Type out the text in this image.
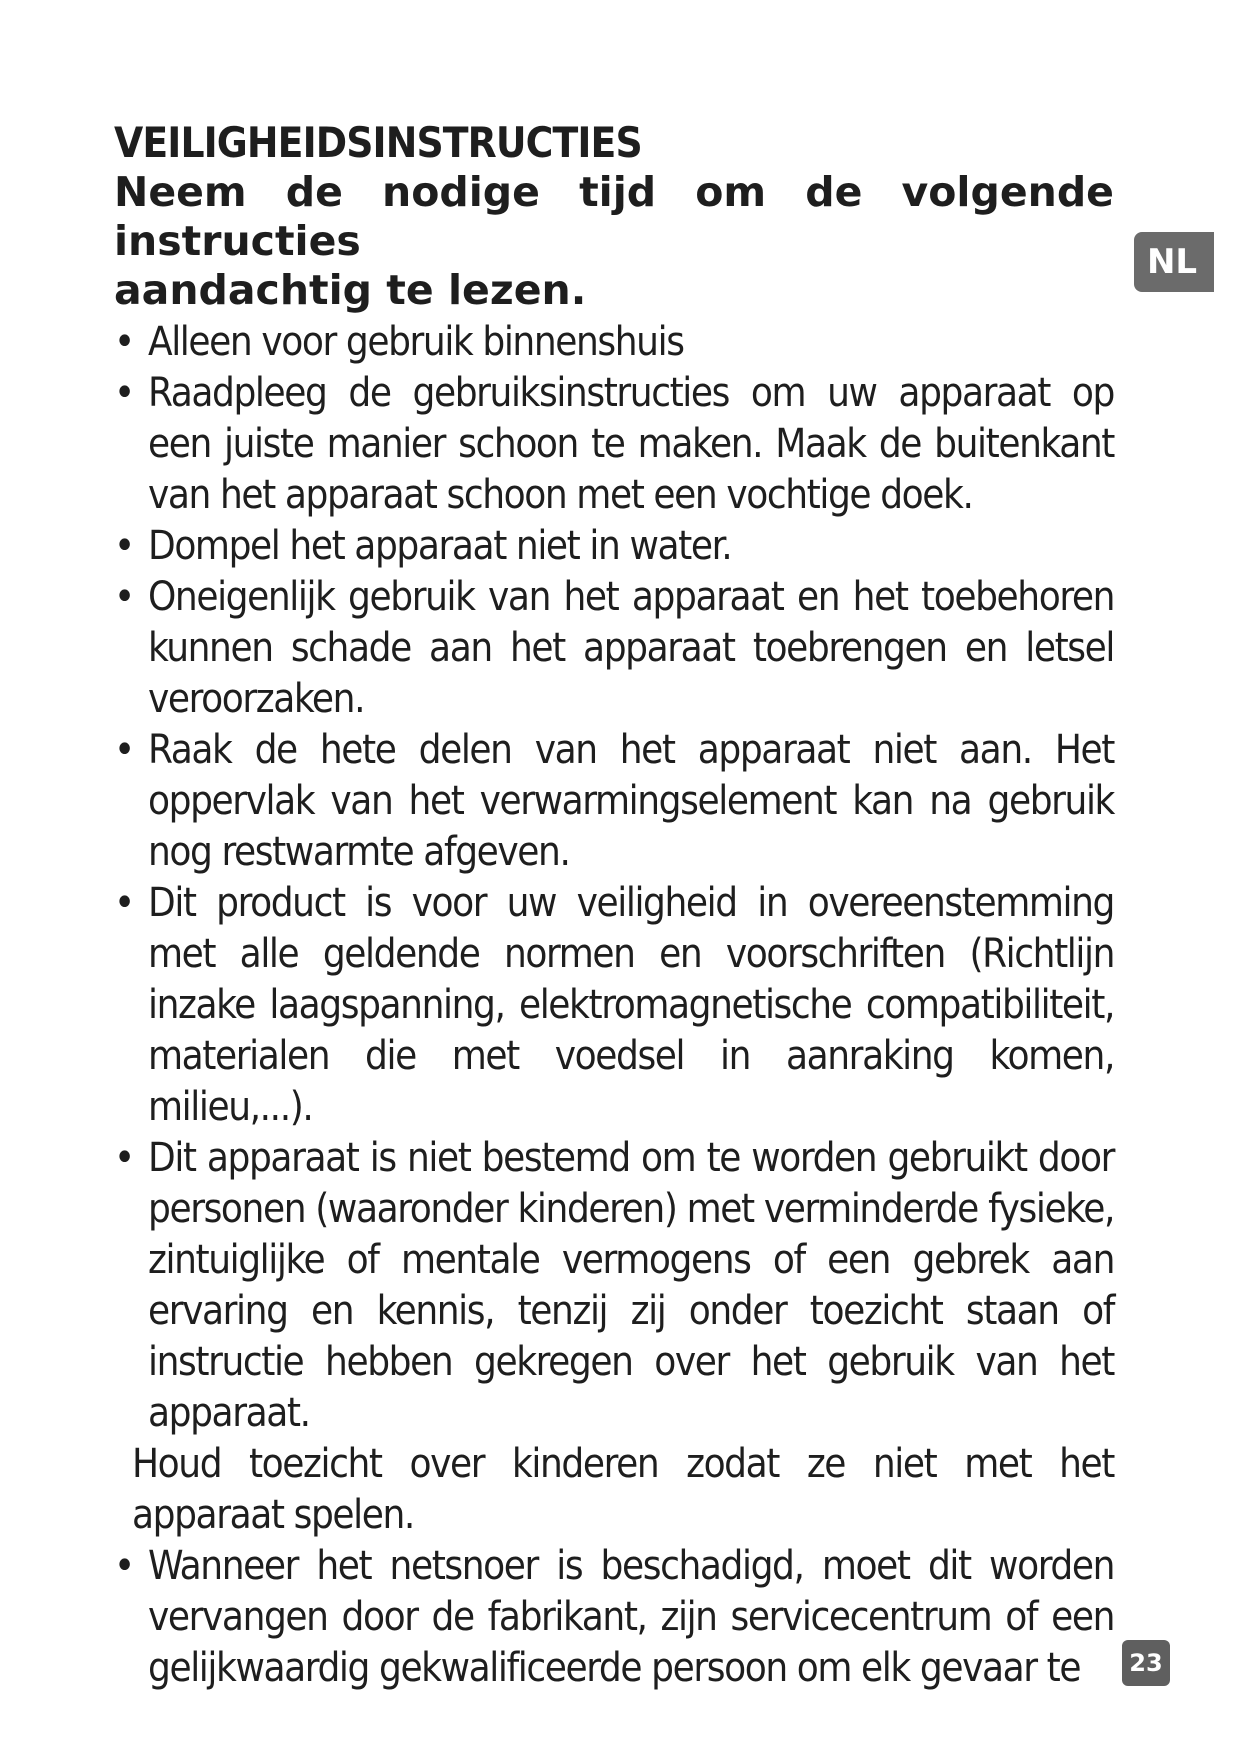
VEILIGHEIDSINSTRUCTIES

Neem de nodige tijd om de volgende instructies
aandachtig te lezen.

• Alleen voor gebruik binnenshuis
• Raadpleeg de gebruiksinstructies om uw apparaat op een juiste manier schoon te maken. Maak de buitenkant van het apparaat schoon met een vochtige doek.
• Dompel het apparaat niet in water.
• Oneigenlijk gebruik van het apparaat en het toebehoren kunnen schade aan het apparaat toebrengen en letsel veroorzaken.
• Raak de hete delen van het apparaat niet aan. Het oppervlak van het verwarmingselement kan na gebruik nog restwarmte afgeven.
• Dit product is voor uw veiligheid in overeenstemming met alle geldende normen en voorschriften (Richtlijn inzake laagspanning, elektromagnetische compatibiliteit, materialen die met voedsel in aanraking komen, milieu,...).
• Dit apparaat is niet bestemd om te worden gebruikt door personen (waaronder kinderen) met verminderde fysieke, zintuiglijke of mentale vermogens of een gebrek aan ervaring en kennis, tenzij zij onder toezicht staan of instructie hebben gekregen over het gebruik van het apparaat.
Houd toezicht over kinderen zodat ze niet met het apparaat spelen.
• Wanneer het netsnoer is beschadigd, moet dit worden vervangen door de fabrikant, zijn servicecentrum of een gelijkwaardig gekwalificeerde persoon om elk gevaar te
NL
23
